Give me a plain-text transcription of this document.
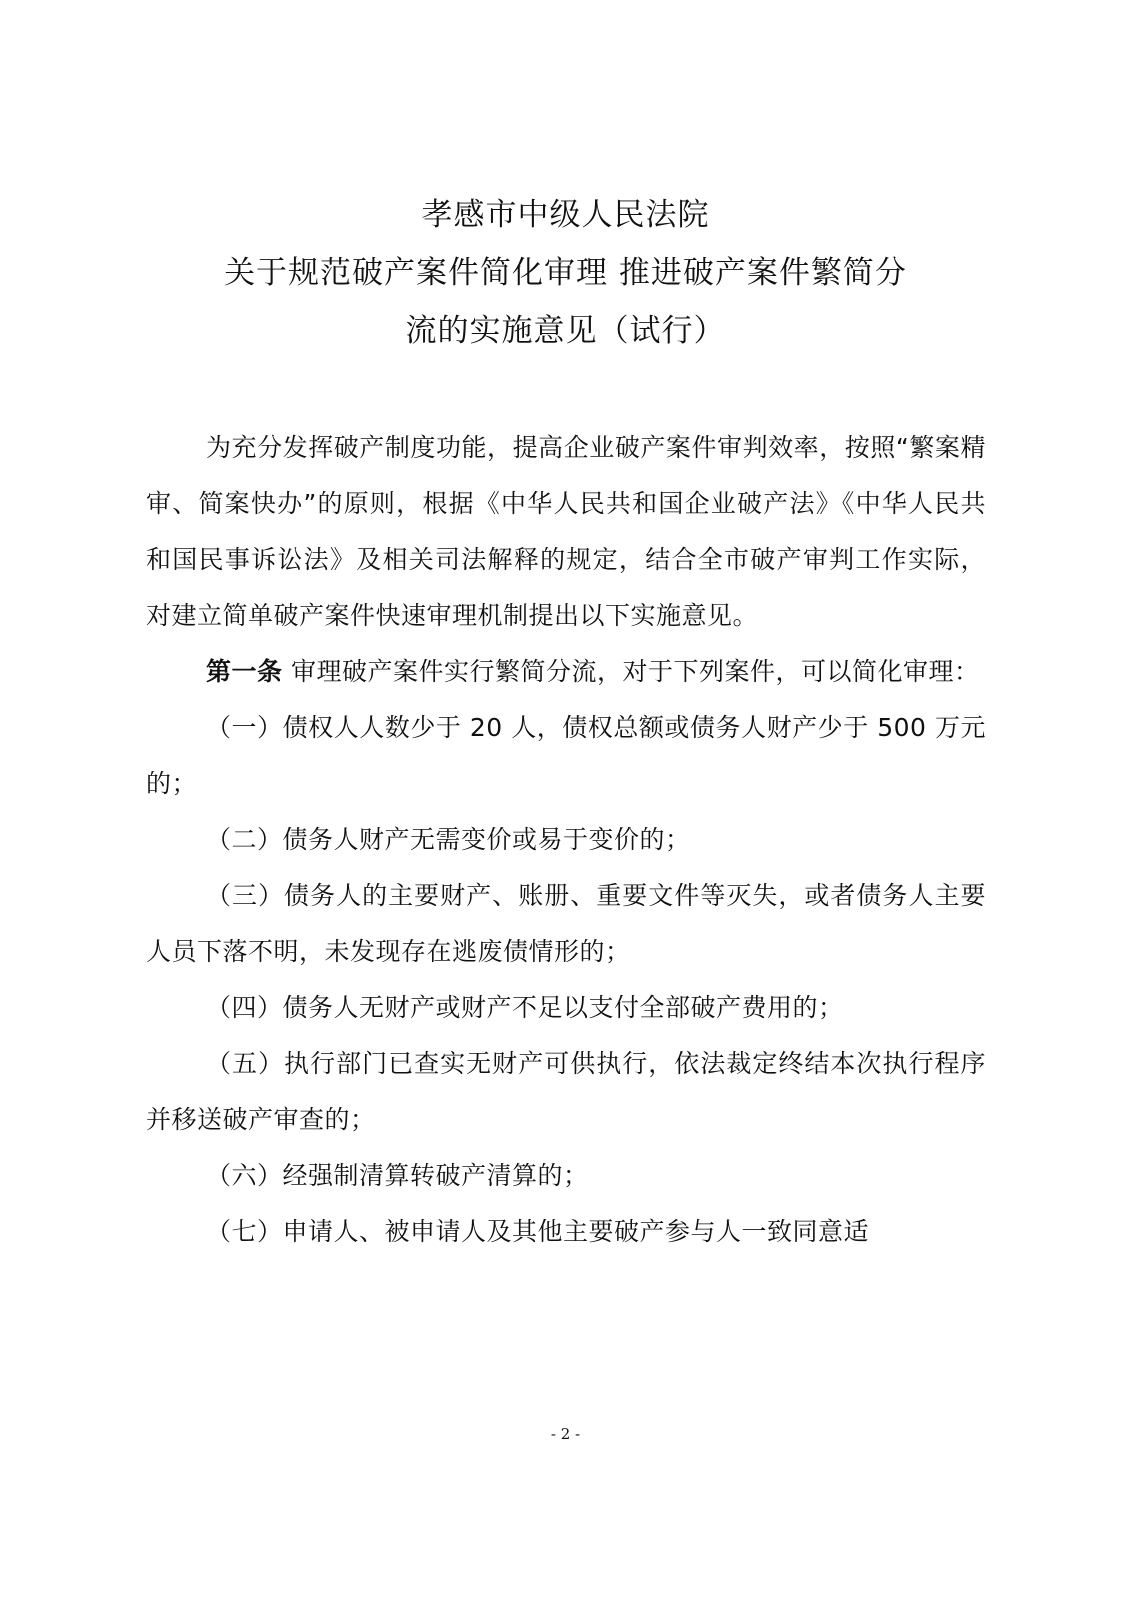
孝感市中级人民法院
关于规范破产案件简化审理 推进破产案件繁简分
流的实施意见（试行）

为充分发挥破产制度功能，提高企业破产案件审判效率，按照“繁案精审、简案快办”的原则，根据《中华人民共和国企业破产法》《中华人民共和国民事诉讼法》及相关司法解释的规定，结合全市破产审判工作实际，对建立简单破产案件快速审理机制提出以下实施意见。

第一条 审理破产案件实行繁简分流，对于下列案件，可以简化审理：

（一）债权人人数少于 20 人，债权总额或债务人财产少于 500 万元的；

（二）债务人财产无需变价或易于变价的；

（三）债务人的主要财产、账册、重要文件等灭失，或者债务人主要人员下落不明，未发现存在逃废债情形的；

（四）债务人无财产或财产不足以支付全部破产费用的；

（五）执行部门已查实无财产可供执行，依法裁定终结本次执行程序并移送破产审查的；

（六）经强制清算转破产清算的；

（七）申请人、被申请人及其他主要破产参与人一致同意适

- 2 -
